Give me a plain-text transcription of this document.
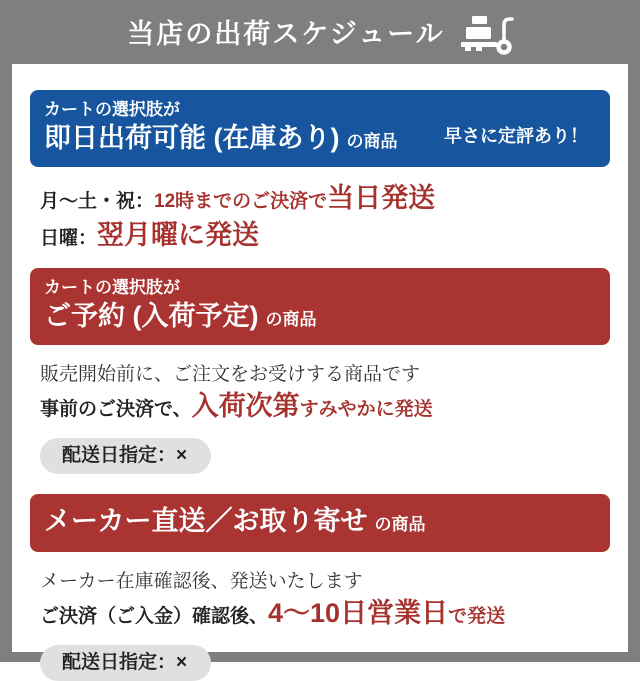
当店の出荷スケジュール
カートの選択肢が
即日出荷可能 (在庫あり) の商品	早さに定評あり！
月〜土・祝：12時までのご決済で当日発送
日曜：翌月曜に発送
カートの選択肢が
ご予約 (入荷予定) の商品
販売開始前に、ご注文をお受けする商品です
事前のご決済で、入荷次第すみやかに発送
配送日指定：×
メーカー直送／お取り寄せ の商品
メーカー在庫確認後、発送いたします
ご決済（ご入金）確認後、4〜10日営業日で発送
配送日指定：×
